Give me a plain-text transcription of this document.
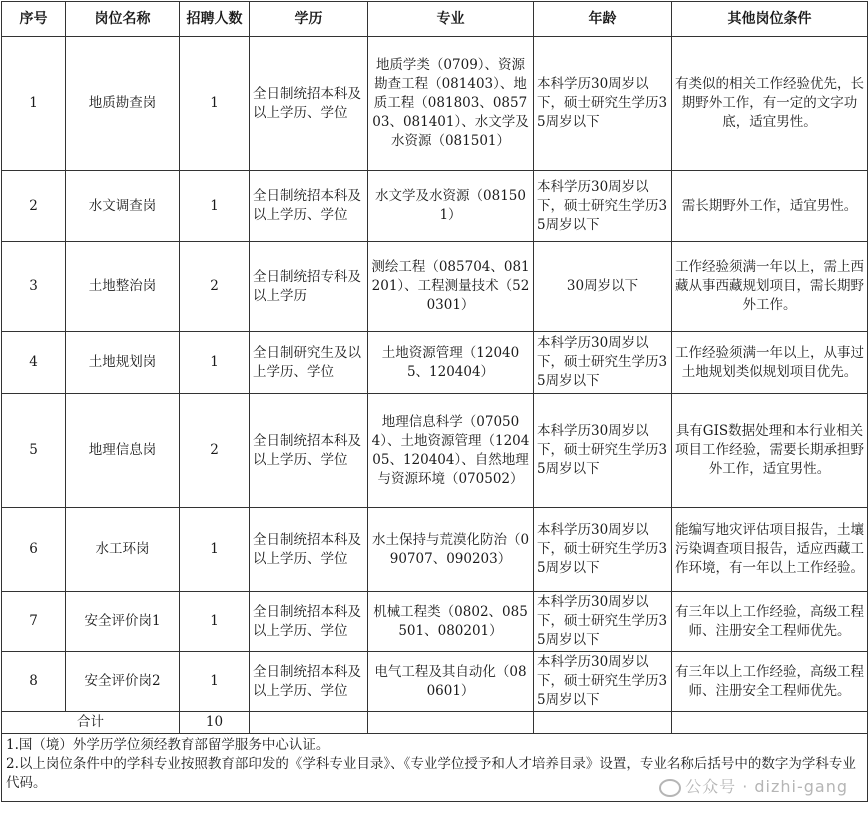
序号	岗位名称	招聘人数	学历	专业	年龄	其他岗位条件
1	地质勘查岗	1	全日制统招本科及以上学历、学位	地质学类（0709）、资源勘查工程（081403）、地质工程（081803、085703、081401）、水文学及水资源（081501）	本科学历30周岁以下，硕士研究生学历35周岁以下	有类似的相关工作经验优先，长期野外工作，有一定的文字功底，适宜男性。
2	水文调查岗	1	全日制统招本科及以上学历、学位	水文学及水资源（081501）	本科学历30周岁以下，硕士研究生学历35周岁以下	需长期野外工作，适宜男性。
3	土地整治岗	2	全日制统招专科及以上学历	测绘工程（085704、081201）、工程测量技术（520301）	30周岁以下	工作经验须满一年以上，需上西藏从事西藏规划项目，需长期野外工作。
4	土地规划岗	1	全日制研究生及以上学历、学位	土地资源管理（120405、120404）	本科学历30周岁以下，硕士研究生学历35周岁以下	工作经验须满一年以上，从事过土地规划类似规划项目优先。
5	地理信息岗	2	全日制统招本科及以上学历、学位	地理信息科学（070504）、土地资源管理（120405、120404）、自然地理与资源环境（070502）	本科学历30周岁以下，硕士研究生学历35周岁以下	具有GIS数据处理和本行业相关项目工作经验，需要长期承担野外工作，适宜男性。
6	水工环岗	1	全日制统招本科及以上学历、学位	水土保持与荒漠化防治（090707、090203）	本科学历30周岁以下，硕士研究生学历35周岁以下	能编写地灾评估项目报告，土壤污染调查项目报告，适应西藏工作环境，有一年以上工作经验。
7	安全评价岗1	1	全日制统招本科及以上学历、学位	机械工程类（0802、085501、080201）	本科学历30周岁以下，硕士研究生学历35周岁以下	有三年以上工作经验，高级工程师、注册安全工程师优先。
8	安全评价岗2	1	全日制统招本科及以上学历、学位	电气工程及其自动化（080601）	本科学历30周岁以下，硕士研究生学历35周岁以下	有三年以上工作经验，高级工程师、注册安全工程师优先。
合计		10				

1.国（境）外学历学位须经教育部留学服务中心认证。
2.以上岗位条件中的学科专业按照教育部印发的《学科专业目录》、《专业学位授予和人才培养目录》设置，专业名称后括号中的数字为学科专业代码。							公众号 · dizhi-gang
